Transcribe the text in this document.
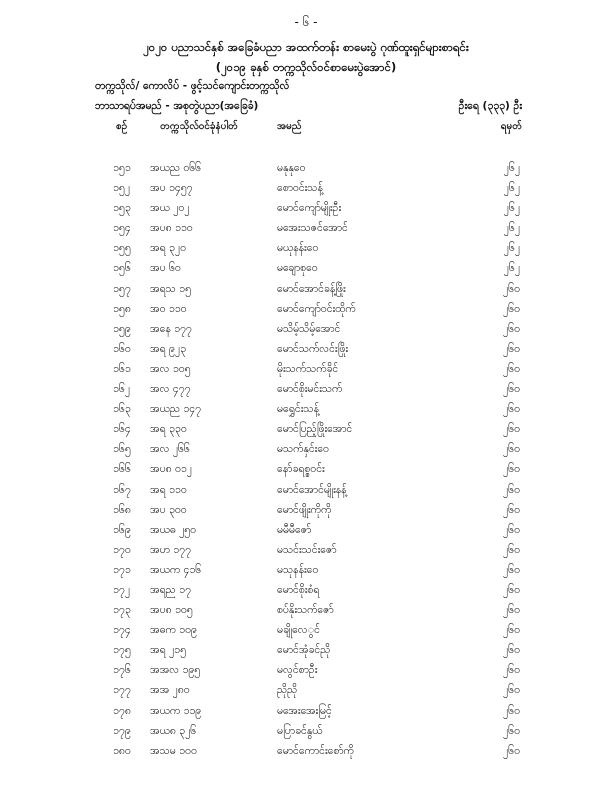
- ၆ -
၂၀၂၀ ပညာသင်နှစ် အခြေခံပညာ အထက်တန်း စာမေးပွဲ ဂုဏ်ထူးရှင်များစာရင်း
(၂၀၁၉ ခုနှစ် တက္ကသိုလ်ဝင်စာမေးပွဲအောင်)
တက္ကသိုလ်/ ကောလိပ် - ဖွင့်သင်ကျောင်းတက္ကသိုလ်
ဘာသာရပ်အမည် - အစုတွဲပညာ(အခြေခံ)	ဦးရေ (၃၃၃) ဦး
စဉ်	တက္ကသိုလ်ဝင်ခုံနံပါတ်	အမည်	ရမှတ်
၁၅၁	အယည ၀၆၆	မနုနုဝေ	၂၆၂
၁၅၂	အပ ၁၄၅၇	စောဝင်းသန့်	၂၆၂
၁၅၃	အယ ၂၀၂	မောင်ကျော်မျိုးဦး	၂၆၂
၁၅၄	အပ၈ ၁၁၀	မအေးသဇင်အောင်	၂၆၂
၁၅၅	အရ ၃၂၀	မယုနန်းဝေ	၂၆၂
၁၅၆	အပ ၆၀	မချောစုဝေ	၂၆၂
၁၅၇	အရသ ၁၅	မောင်အောင်ခန့်ဖြိုး	၂၆၀
၁၅၈	အဝ ၁၁၀	မောင်ကျော်ဝင်းထိုက်	၂၆၀
၁၅၉	အနေ ၁၇၇	မသိမ့်သိမ့်အောင်	၂၆၀
၁၆၀	အရ ၉၂၃	မောင်သက်လင်းဖြိုး	၂၆၀
၁၆၁	အလ ၁၀၅	မိုးသက်သက်ခိုင်	၂၆၀
၁၆၂	အလ ၄၇၇	မောင်စိုးမင်းသက်	၂၆၀
၁၆၃	အယည ၁၄၇	မရွှေင်းသန့်	၂၆၀
၁၆၄	အရ ၃၃၀	မောင်ပြည့်ဖြိုးအောင်	၂၆၀
၁၆၅	အလ ၂၆၆	မသက်နှင်းဝေ	၂၆၀
၁၆၆	အပ၈ ၀၁၂	နော်ခရစ္စဝင်း	၂၆၀
၁၆၇	အရ ၁၁၀	မောင်အောင်မျိုးနန့်	၂၆၀
၁၆၈	အပ ၃၀၀	မောင်ဖျိုးကိုကို	၂၆၀
၁၆၉	အယဓ ၂၅၀	မမီမီဇော်	၂၆၀
၁၇၀	အဟ ၁၇၇	မသင်းသင်းဇော်	၂၆၀
၁၇၁	အယက ၄၁၆	မသုနန်းဝေ	၂၆၀
၁၇၂	အရည ၁၇	မောင်စိုးစံရ	၂၆၀
၁၇၃	အပ၈ ၁၀၅	စပ်နိုးသက်ဇော်	၂၆၀
၁၇၄	အဓက ၁၀၉	မချိုလေွင်	၂၆၀
၁၇၅	အရ ၂၁၅	မောင်အုံခင်ညို	၂၆၀
၁၇၆	အအလ ၁၉၅	မလွင်စာဦး	၂၆၀
၁၇၇	အအ ၂၈၀	ညိုညို	၂၆၀
၁၇၈	အယက ၁၁၉	မအေးအေးမြင့်	၂၆၀
၁၇၉	အယ၈ ၃၂၆	မပြာခင်နွယ်	၂၆၀
၁၈၀	အသမ ၁၀၀	မောင်ကောင်းစော်ကို	၂၆၀
